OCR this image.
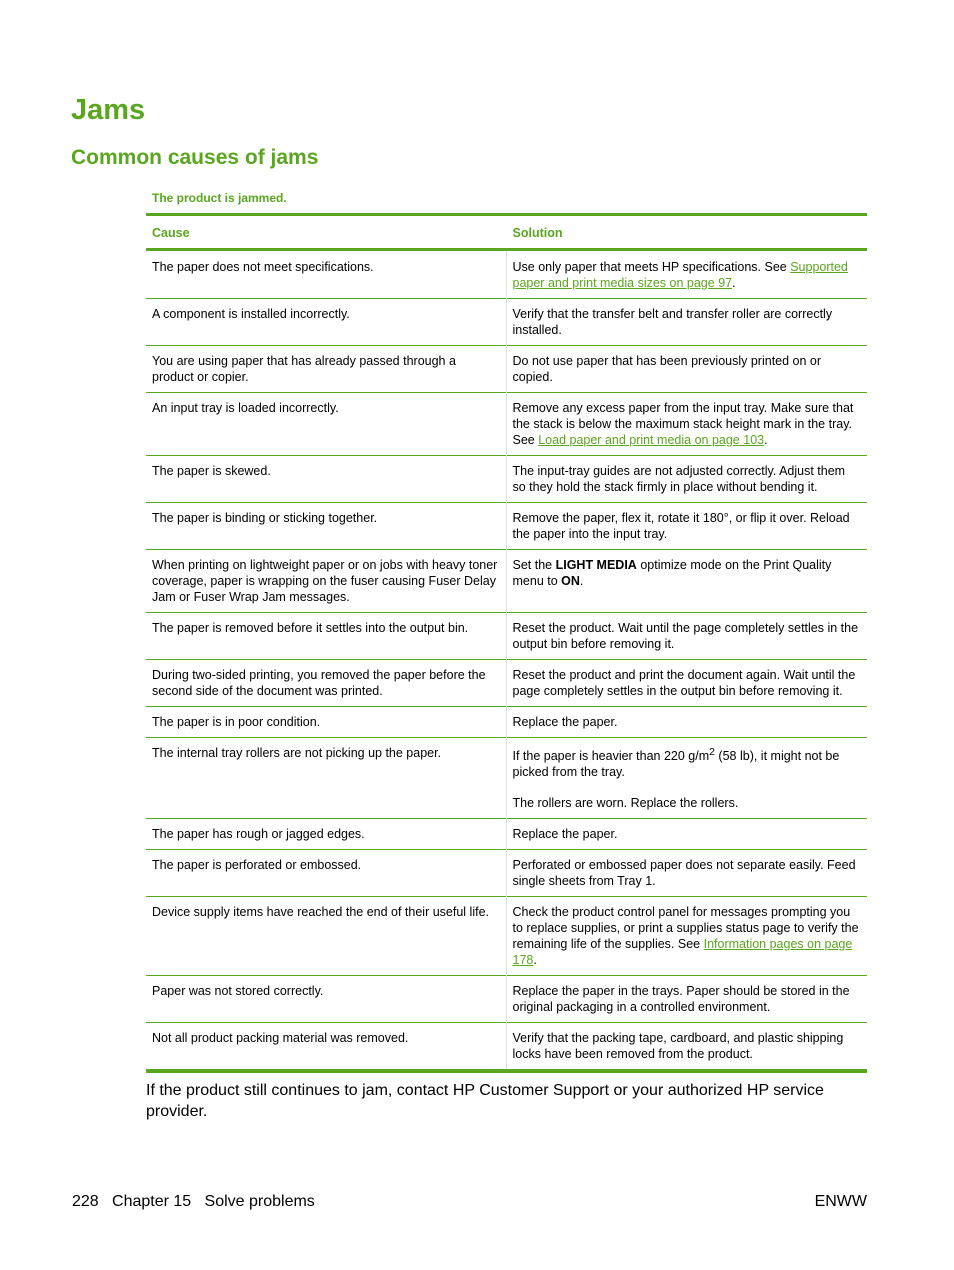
Jams
Common causes of jams
The product is jammed.
Cause	Solution
The paper does not meet specifications.	Use only paper that meets HP specifications. See Supported paper and print media sizes on page 97.

A component is installed incorrectly.	Verify that the transfer belt and transfer roller are correctly installed.
You are using paper that has already passed through a product or copier.	Do not use paper that has been previously printed on or copied.
An input tray is loaded incorrectly.	Remove any excess paper from the input tray. Make sure that the stack is below the maximum stack height mark in the tray. See Load paper and print media on page 103.

The paper is skewed.	The input-tray guides are not adjusted correctly. Adjust them so they hold the stack firmly in place without bending it.
The paper is binding or sticking together.	Remove the paper, flex it, rotate it 180°, or flip it over. Reload the paper into the input tray.
When printing on lightweight paper or on jobs with heavy toner coverage, paper is wrapping on the fuser causing Fuser Delay Jam or Fuser Wrap Jam messages.	Set the LIGHT MEDIA optimize mode on the Print Quality menu to ON.

The paper is removed before it settles into the output bin.	Reset the product. Wait until the page completely settles in the output bin before removing it.
During two-sided printing, you removed the paper before the second side of the document was printed.	Reset the product and print the document again. Wait until the page completely settles in the output bin before removing it.
The paper is in poor condition.	Replace the paper.
The internal tray rollers are not picking up the paper.	If the paper is heavier than 220 $g/m^2$ (58 lb), it might not be picked from the tray.
The rollers are worn. Replace the rollers.

The paper has rough or jagged edges.	Replace the paper.
The paper is perforated or embossed.	Perforated or embossed paper does not separate easily. Feed single sheets from Tray 1.
Device supply items have reached the end of their useful life.	Check the product control panel for messages prompting you to replace supplies, or print a supplies status page to verify the remaining life of the supplies. See Information pages on page 178.

Paper was not stored correctly.	Replace the paper in the trays. Paper should be stored in the original packaging in a controlled environment.
Not all product packing material was removed.	Verify that the packing tape, cardboard, and plastic shipping locks have been removed from the product.
If the product still continues to jam, contact HP Customer Support or your authorized HP service provider.
228   Chapter 15   Solve problems	ENWW
